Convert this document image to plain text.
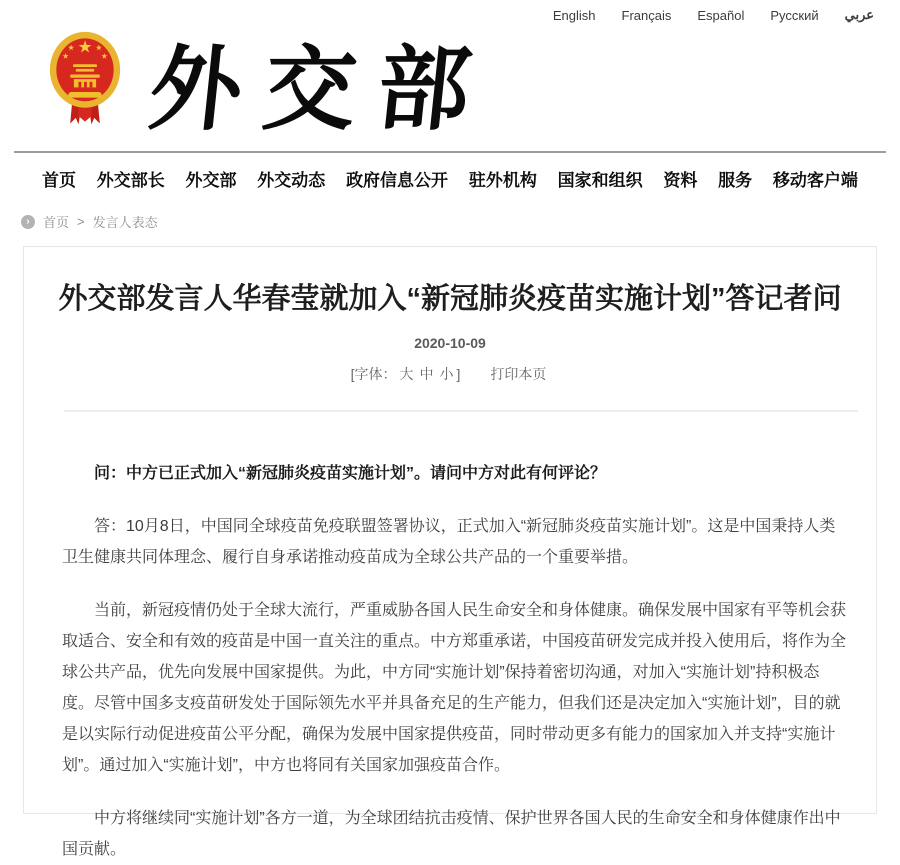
English Français Español Русский عربي
★
★	★
★	★ 外交部
首页 外交部长 外交部 外交动态 政府信息公开 驻外机构 国家和组织 资料 服务 移动客户端
›	首页 > 发言人表态
外交部发言人华春莹就加入“新冠肺炎疫苗实施计划”答记者问
2020-10-09
[字体： 大 中 小 ] 打印本页

问：中方已正式加入“新冠肺炎疫苗实施计划”。请问中方对此有何评论？

答：10月8日，中国同全球疫苗免疫联盟签署协议，正式加入“新冠肺炎疫苗实施计划”。这是中国秉持人类卫生健康共同体理念、履行自身承诺推动疫苗成为全球公共产品的一个重要举措。

当前，新冠疫情仍处于全球大流行，严重威胁各国人民生命安全和身体健康。确保发展中国家有平等机会获取适合、安全和有效的疫苗是中国一直关注的重点。中方郑重承诺，中国疫苗研发完成并投入使用后，将作为全球公共产品，优先向发展中国家提供。为此，中方同“实施计划”保持着密切沟通，对加入“实施计划”持积极态度。尽管中国多支疫苗研发处于国际领先水平并具备充足的生产能力，但我们还是决定加入“实施计划”，目的就是以实际行动促进疫苗公平分配，确保为发展中国家提供疫苗，同时带动更多有能力的国家加入并支持“实施计划”。通过加入“实施计划”，中方也将同有关国家加强疫苗合作。

中方将继续同“实施计划”各方一道，为全球团结抗击疫情、保护世界各国人民的生命安全和身体健康作出中国贡献。
